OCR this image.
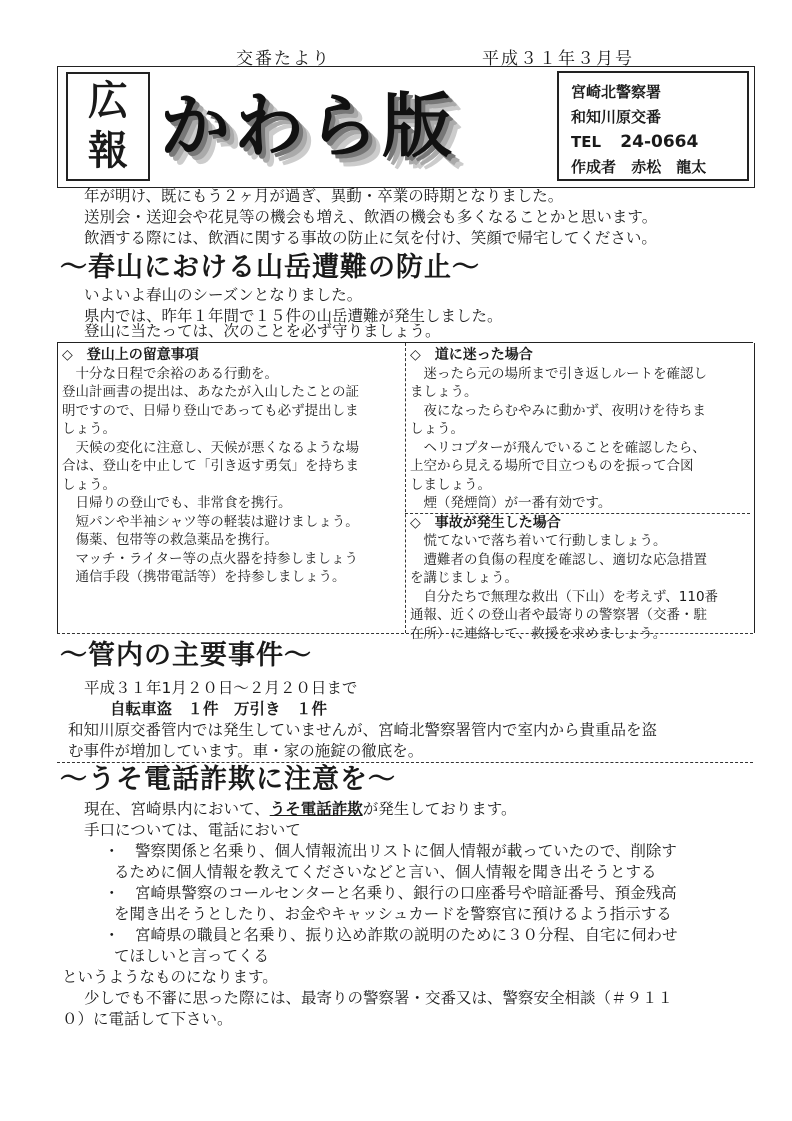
交番たより	平成３１年３月号
広
報 かわら版	宮崎北警察署
和知川原交番
TEL 24-0664
作成者 赤松　龍太
年が明け、既にもう２ヶ月が過ぎ、異動・卒業の時期となりました。
送別会・送迎会や花見等の機会も増え、飲酒の機会も多くなることかと思います。
飲酒する際には、飲酒に関する事故の防止に気を付け、笑顔で帰宅してください。
～春山における山岳遭難の防止～
いよいよ春山のシーズンとなりました。
県内では、昨年１年間で１５件の山岳遭難が発生しました。
登山に当たっては、次のことを必ず守りましょう。
◇　登山上の留意事項
　十分な日程で余裕のある行動を。
登山計画書の提出は、あなたが入山したことの証
明ですので、日帰り登山であっても必ず提出しま
しょう。
　天候の変化に注意し、天候が悪くなるような場
合は、登山を中止して「引き返す勇気」を持ちま
しょう。
　日帰りの登山でも、非常食を携行。
　短パンや半袖シャツ等の軽装は避けましょう。
　傷薬、包帯等の救急薬品を携行。
　マッチ・ライター等の点火器を持参しましょう
　通信手段（携帯電話等）を持参しましょう。
◇　道に迷った場合
　迷ったら元の場所まで引き返しルートを確認し
ましょう。
　夜になったらむやみに動かず、夜明けを待ちま
しょう。
　ヘリコプターが飛んでいることを確認したら、
上空から見える場所で目立つものを振って合図
しましょう。
　煙（発煙筒）が一番有効です。
◇　事故が発生した場合
　慌てないで落ち着いて行動しましょう。
　遭難者の負傷の程度を確認し、適切な応急措置
を講じましょう。
　自分たちで無理な救出（下山）を考えず、110番
通報、近くの登山者や最寄りの警察署（交番・駐
在所）に連絡して、救援を求めましょう。
～管内の主要事件～
平成３１年1月２０日～２月２０日まで
自転車盗　１件　万引き　１件
和知川原交番管内では発生していませんが、宮崎北警察署管内で室内から貴重品を盗
む事件が増加しています。車・家の施錠の徹底を。
～うそ電話詐欺に注意を～
現在、宮崎県内において、うそ電話詐欺が発生しております。
手口については、電話において
・　警察関係と名乗り、個人情報流出リストに個人情報が載っていたので、削除す
るために個人情報を教えてくださいなどと言い、個人情報を聞き出そうとする
・　宮崎県警察のコールセンターと名乗り、銀行の口座番号や暗証番号、預金残高
を聞き出そうとしたり、お金やキャッシュカードを警察官に預けるよう指示する
・　宮崎県の職員と名乗り、振り込め詐欺の説明のために３０分程、自宅に伺わせ
てほしいと言ってくる
というようなものになります。
少しでも不審に思った際には、最寄りの警察署・交番又は、警察安全相談（＃９１１
０）に電話して下さい。
